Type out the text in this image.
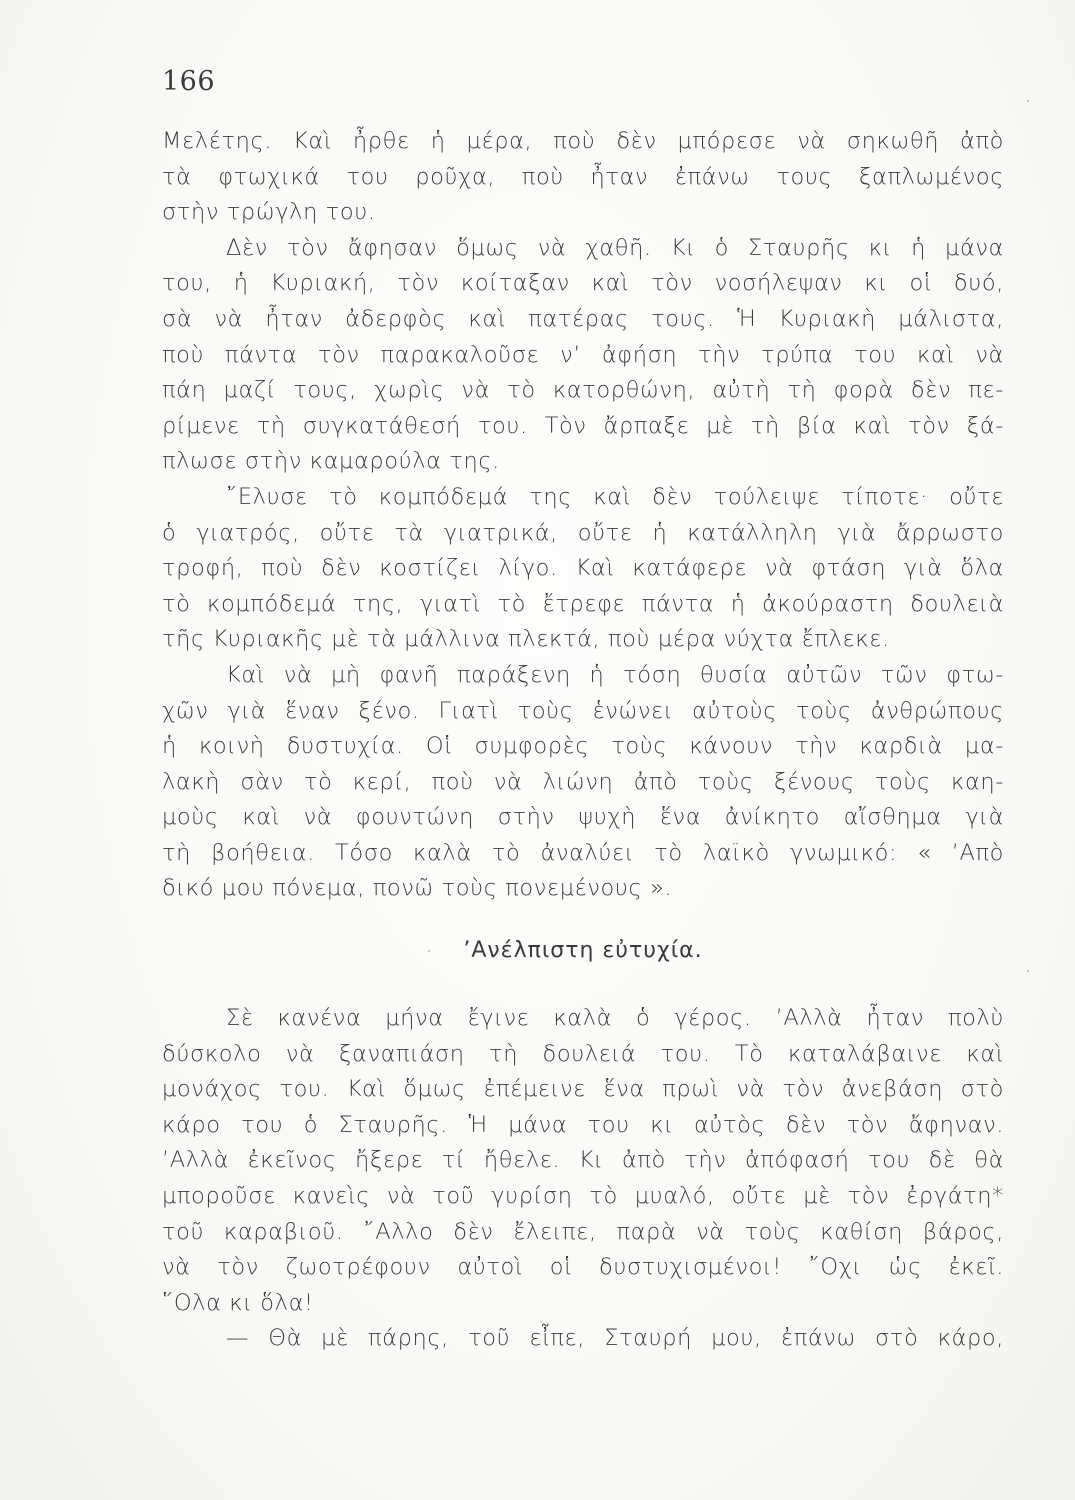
166
Μελέτης. Καὶ ἦρθε ἡ μέρα, ποὺ δὲν μπόρεσε νὰ σηκωθῆ ἀπὸ
τὰ φτωχικά του ροῦχα, ποὺ ἦταν ἐπάνω τους ξαπλωμένος
στὴν τρώγλη του.
Δὲν τὸν ἄφησαν ὅμως νὰ χαθῆ. Κι ὁ Σταυρῆς κι ἡ μάνα
του, ἡ Κυριακή, τὸν κοίταξαν καὶ τὸν νοσήλεψαν κι οἱ δυό,
σὰ νὰ ἦταν ἀδερφὸς καὶ πατέρας τους. Ἡ Κυριακὴ μάλιστα,
ποὺ πάντα τὸν παρακαλοῦσε ν’ ἀφήση τὴν τρύπα του καὶ νὰ
πάη μαζί τους, χωρὶς νὰ τὸ κατορθώνη, αὐτὴ τὴ φορὰ δὲν πε-
ρίμενε τὴ συγκατάθεσή του. Τὸν ἄρπαξε μὲ τὴ βία καὶ τὸν ξά-
πλωσε στὴν καμαρούλα της.
῎Ελυσε τὸ κομπόδεμά της καὶ δὲν τούλειψε τίποτε· οὔτε
ὁ γιατρός, οὔτε τὰ γιατρικά, οὔτε ἡ κατάλληλη γιὰ ἄρρωστο
τροφή, ποὺ δὲν κοστίζει λίγο. Καὶ κατάφερε νὰ φτάση γιὰ ὅλα
τὸ κομπόδεμά της, γιατὶ τὸ ἔτρεφε πάντα ἡ ἀκούραστη δουλειὰ
τῆς Κυριακῆς μὲ τὰ μάλλινα πλεκτά, ποὺ μέρα νύχτα ἔπλεκε.
Καὶ νὰ μὴ φανῆ παράξενη ἡ τόση θυσία αὐτῶν τῶν φτω-
χῶν γιὰ ἕναν ξένο. Γιατὶ τοὺς ἑνώνει αὐτοὺς τοὺς ἀνθρώπους
ἡ κοινὴ δυστυχία. Οἱ συμφορὲς τοὺς κάνουν τὴν καρδιὰ μα-
λακὴ σὰν τὸ κερί, ποὺ νὰ λιώνη ἀπὸ τοὺς ξένους τοὺς καη-
μοὺς καὶ νὰ φουντώνη στὴν ψυχὴ ἕνα ἀνίκητο αἴσθημα γιὰ
τὴ βοήθεια. Τόσο καλὰ τὸ ἀναλύει τὸ λαϊκὸ γνωμικό: « ’Απὸ
δικό μου πόνεμα, πονῶ τοὺς πονεμένους ».
’Ανέλπιστη εὐτυχία.
Σὲ κανένα μήνα ἔγινε καλὰ ὁ γέρος. ’Αλλὰ ἦταν πολὺ
δύσκολο νὰ ξαναπιάση τὴ δουλειά του. Τὸ καταλάβαινε καὶ
μονάχος του. Καὶ ὅμως ἐπέμεινε ἕνα πρωὶ νὰ τὸν ἀνεβάση στὸ
κάρο του ὁ Σταυρῆς. Ἡ μάνα του κι αὐτὸς δὲν τὸν ἄφηναν.
’Αλλὰ ἐκεῖνος ἤξερε τί ἤθελε. Κι ἀπὸ τὴν ἀπόφασή του δὲ θὰ
μποροῦσε κανεὶς νὰ τοῦ γυρίση τὸ μυαλό, οὔτε μὲ τὸν ἐργάτη*
τοῦ καραβιοῦ. ῎Αλλο δὲν ἔλειπε, παρὰ νὰ τοὺς καθίση βάρος,
νὰ τὸν ζωοτρέφουν αὐτοὶ οἱ δυστυχισμένοι! ῎Οχι ὡς ἐκεῖ.
῞Ολα κι ὅλα!
— Θὰ μὲ πάρης, τοῦ εἶπε, Σταυρή μου, ἐπάνω στὸ κάρο,
